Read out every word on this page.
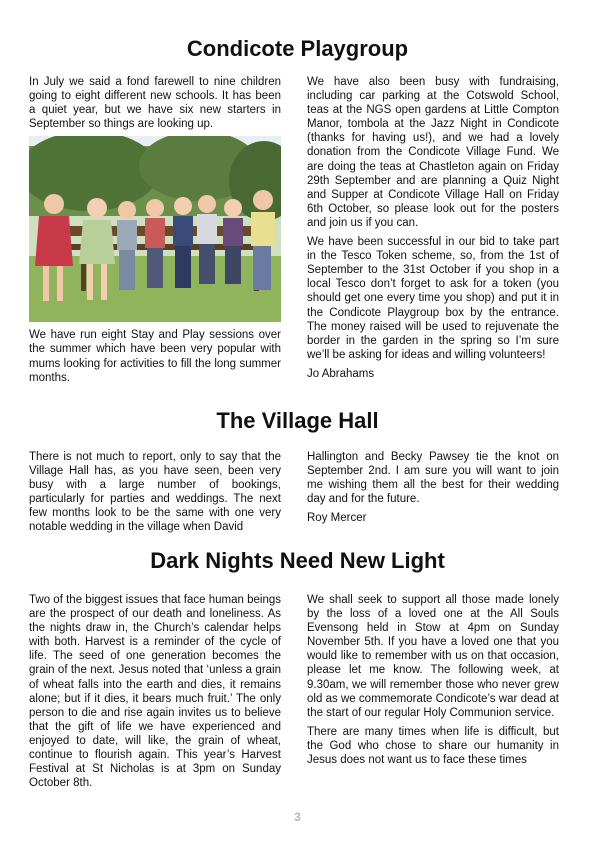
Condicote Playgroup

In July we said a fond farewell to nine children going to eight different new schools. It has been a quiet year, but we have six new starters in September so things are looking up.

We have run eight Stay and Play sessions over the summer which have been very popular with mums looking for activities to fill the long summer months.

We have also been busy with fundraising, including car parking at the Cotswold School, teas at the NGS open gardens at Little Compton Manor, tombola at the Jazz Night in Condicote (thanks for having us!), and we had a lovely donation from the Condicote Village Fund. We are doing the teas at Chastleton again on Friday 29th September and are planning a Quiz Night and Supper at Condicote Village Hall on Friday 6th October, so please look out for the posters and join us if you can.

We have been successful in our bid to take part in the Tesco Token scheme, so, from the 1st of September to the 31st October if you shop in a local Tesco don’t forget to ask for a token (you should get one every time you shop) and put it in the Condicote Playgroup box by the entrance. The money raised will be used to rejuvenate the border in the garden in the spring so I’m sure we’ll be asking for ideas and willing volunteers!

Jo Abrahams

The Village Hall

There is not much to report, only to say that the Village Hall has, as you have seen, been very busy with a large number of bookings, particularly for parties and weddings. The next few months look to be the same with one very notable wedding in the village when David

Hallington and Becky Pawsey tie the knot on September 2nd. I am sure you will want to join me wishing them all the best for their wedding day and for the future.

Roy Mercer

Dark Nights Need New Light

Two of the biggest issues that face human beings are the prospect of our death and loneliness. As the nights draw in, the Church’s calendar helps with both. Harvest is a reminder of the cycle of life. The seed of one generation becomes the grain of the next. Jesus noted that ‘unless a grain of wheat falls into the earth and dies, it remains alone; but if it dies, it bears much fruit.’ The only person to die and rise again invites us to believe that the gift of life we have experienced and enjoyed to date, will like, the grain of wheat, continue to flourish again. This year’s Harvest Festival at St Nicholas is at 3pm on Sunday October 8th.

We shall seek to support all those made lonely by the loss of a loved one at the All Souls Evensong held in Stow at 4pm on Sunday November 5th. If you have a loved one that you would like to remember with us on that occasion, please let me know. The following week, at 9.30am, we will remember those who never grew old as we commemorate Condicote’s war dead at the start of our regular Holy Communion service.

There are many times when life is difficult, but the God who chose to share our humanity in Jesus does not want us to face these times

3
